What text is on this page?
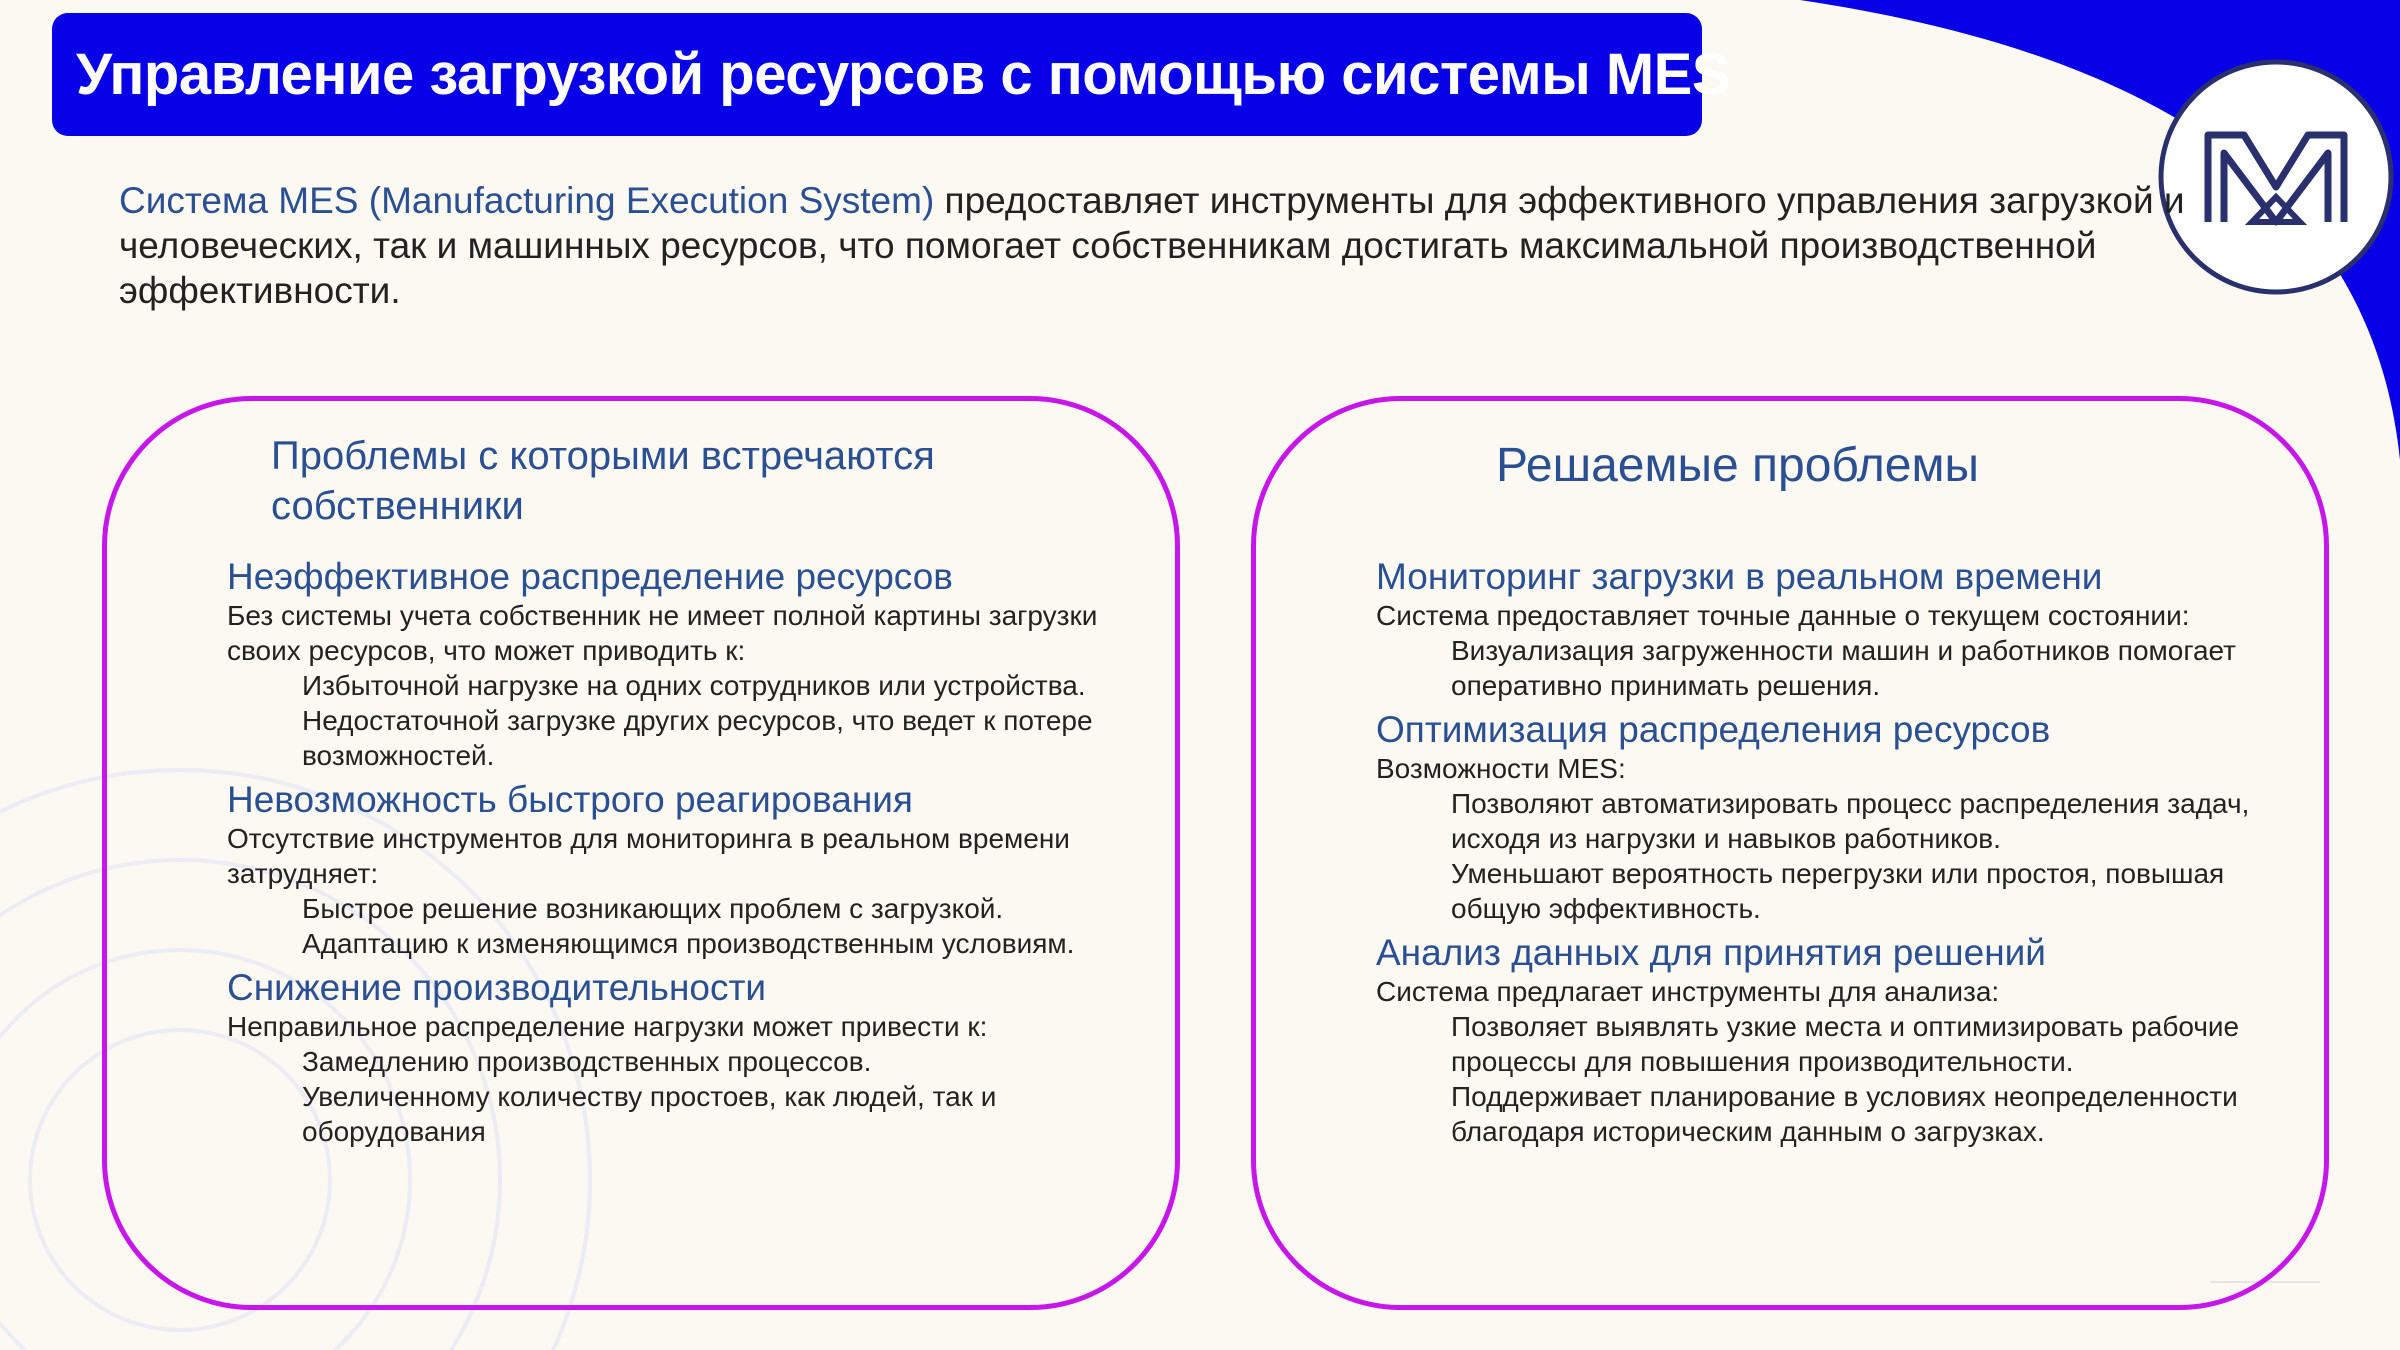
Управление загрузкой ресурсов с помощью системы MES
Система MES (Manufacturing Execution System) предоставляет инструменты для эффективного управления загрузкой и человеческих, так и машинных ресурсов, что помогает собственникам достигать максимальной производственной эффективности.
Проблемы с которыми встречаются собственники

Неэффективное распределение ресурсов

Без системы учета собственник не имеет полной картины загрузки своих ресурсов, что может приводить к:

Избыточной нагрузке на одних сотрудников или устройства.
Недостаточной загрузке других ресурсов, что ведет к потере возможностей.

Невозможность быстрого реагирования

Отсутствие инструментов для мониторинга в реальном времени затрудняет:

Быстрое решение возникающих проблем с загрузкой.
Адаптацию к изменяющимся производственным условиям.

Снижение производительности

Неправильное распределение нагрузки может привести к:

Замедлению производственных процессов.
Увеличенному количеству простоев, как людей, так и оборудования
Решаемые проблемы

Мониторинг загрузки в реальном времени

Система предоставляет точные данные о текущем состоянии:

Визуализация загруженности машин и работников помогает оперативно принимать решения.

Оптимизация распределения ресурсов

Возможности MES:

Позволяют автоматизировать процесс распределения задач, исходя из нагрузки и навыков работников.
Уменьшают вероятность перегрузки или простоя, повышая общую эффективность.

Анализ данных для принятия решений

Система предлагает инструменты для анализа:

Позволяет выявлять узкие места и оптимизировать рабочие процессы для повышения производительности.
Поддерживает планирование в условиях неопределенности благодаря историческим данным о загрузках.
